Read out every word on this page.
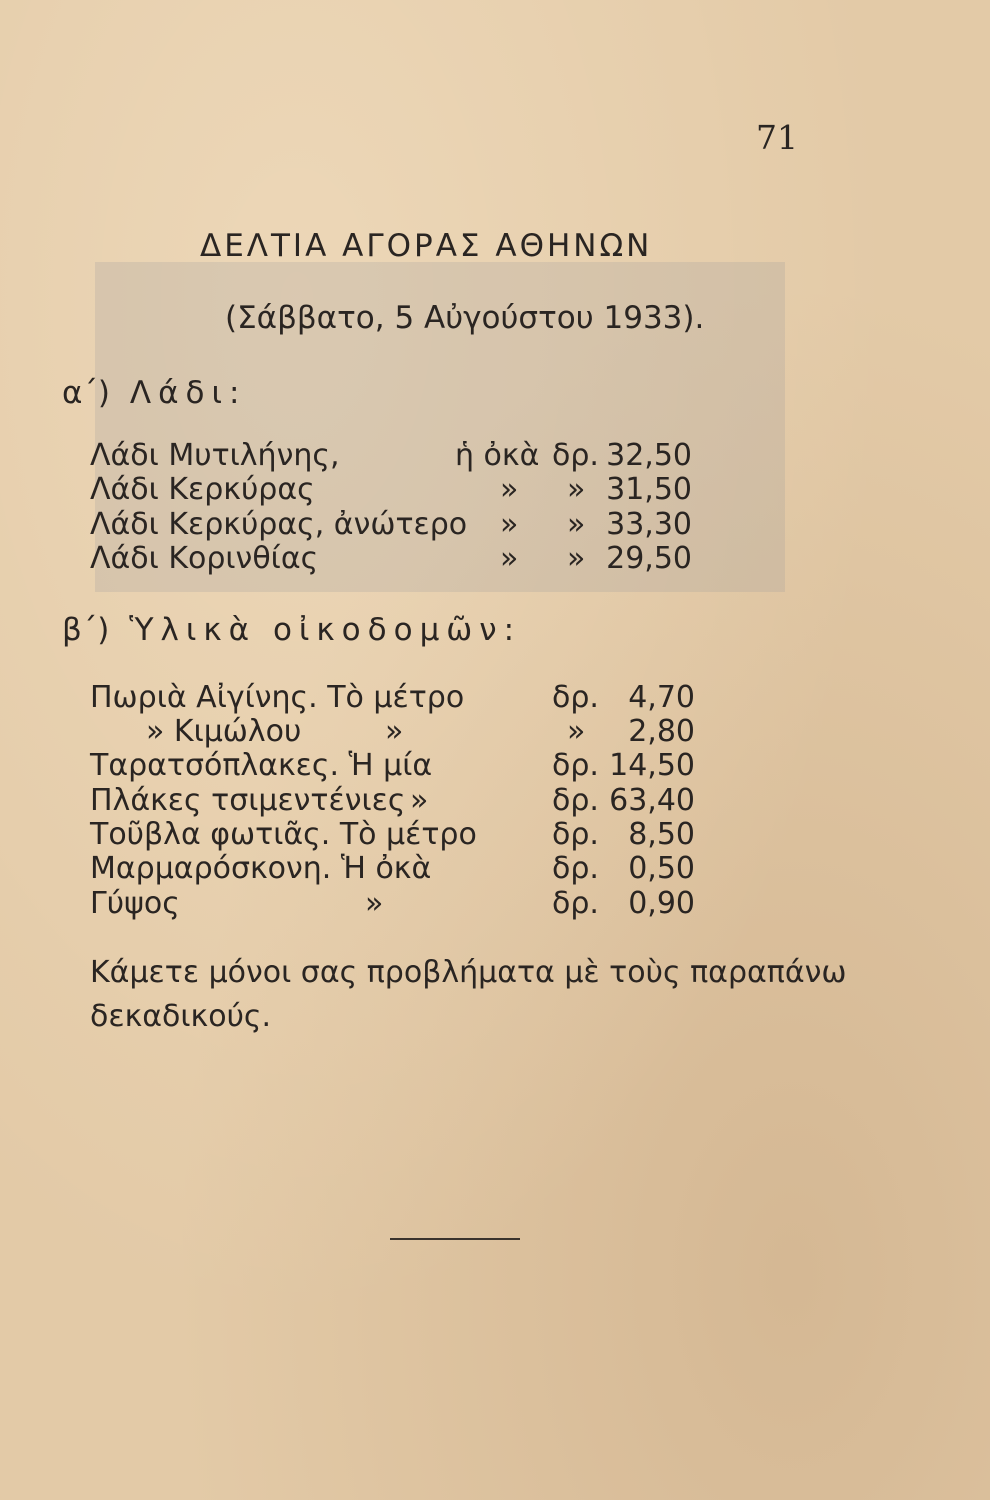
71
ΔΕΛΤΙΑ ΑΓΟΡΑΣ ΑΘΗΝΩΝ
(Σάββατο, 5 Αὐγούστου 1933).
α΄) Λάδι:
Λάδι Μυτιλήνης,	ἡ ὀκὰ δρ. 32,50
Λάδι Κερκύρας	» » 31,50
Λάδι Κερκύρας, ἀνώτερο » » 33,30
Λάδι Κορινθίας	» » 29,50
β΄) Ὑλικὰ οἰκοδομῶν:
Πωριὰ Αἰγίνης. Τὸ μέτρο	δρ. 4,70
» Κιμώλου	»	»	2,80
Ταρατσόπλακες. Ἡ μία	δρ. 14,50
Πλάκες τσιμεντένιες »	δρ. 63,40
Τοῦβλα φωτιᾶς. Τὸ μέτρο	δρ. 8,50
Μαρμαρόσκονη. Ἡ ὀκὰ	δρ. 0,50
Γύψος	»	δρ. 0,90
Κάμετε μόνοι σας προβλήματα μὲ τοὺς παραπάνω
δεκαδικούς.
